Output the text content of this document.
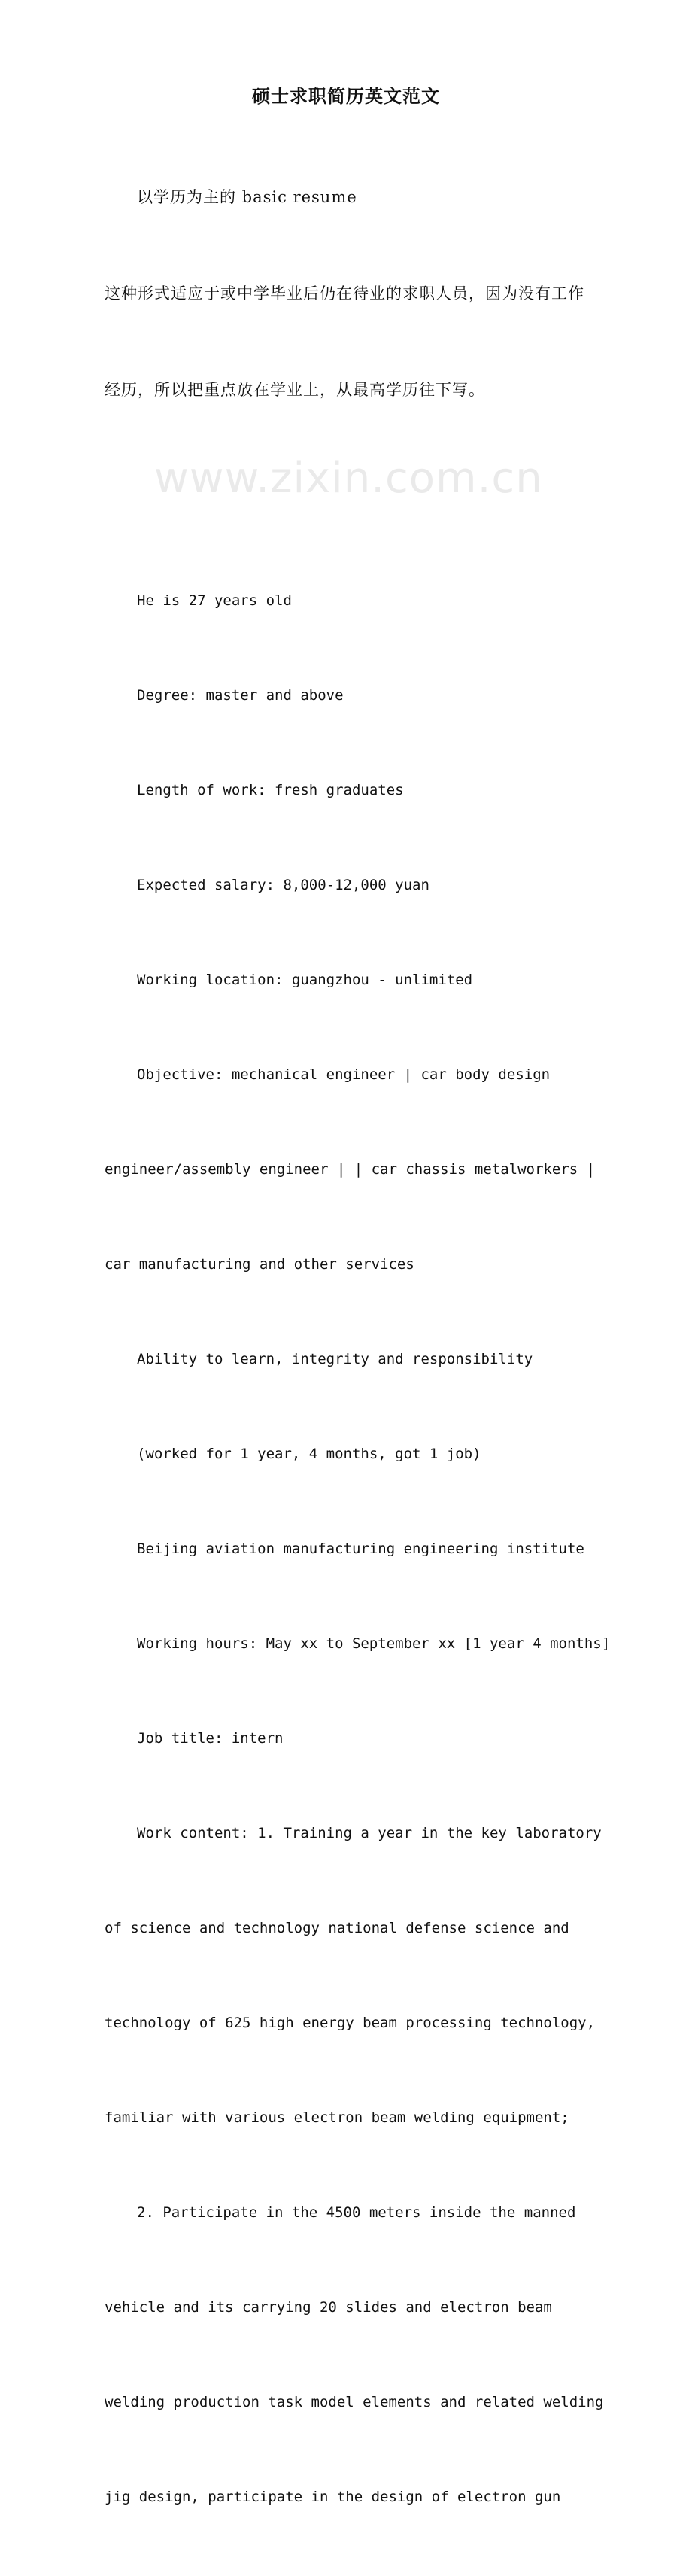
硕士求职简历英文范文

以学历为主的 basic resume

这种形式适应于或中学毕业后仍在待业的求职人员，因为没有工作

经历，所以把重点放在学业上，从最高学历往下写。

He is 27 years old

Degree: master and above

Length of work: fresh graduates

Expected salary: 8,000-12,000 yuan

Working location: guangzhou - unlimited

Objective: mechanical engineer | car body design

engineer/assembly engineer | | car chassis metalworkers |

car manufacturing and other services

Ability to learn, integrity and responsibility

(worked for 1 year, 4 months, got 1 job)

Beijing aviation manufacturing engineering institute

Working hours: May xx to September xx [1 year 4 months]

Job title: intern

Work content: 1. Training a year in the key laboratory

of science and technology national defense science and

technology of 625 high energy beam processing technology,

familiar with various electron beam welding equipment;

2. Participate in the 4500 meters inside the manned

vehicle and its carrying 20 slides and electron beam

welding production task model elements and related welding

jig design, participate in the design of electron gun

www.zixin.com.cn
